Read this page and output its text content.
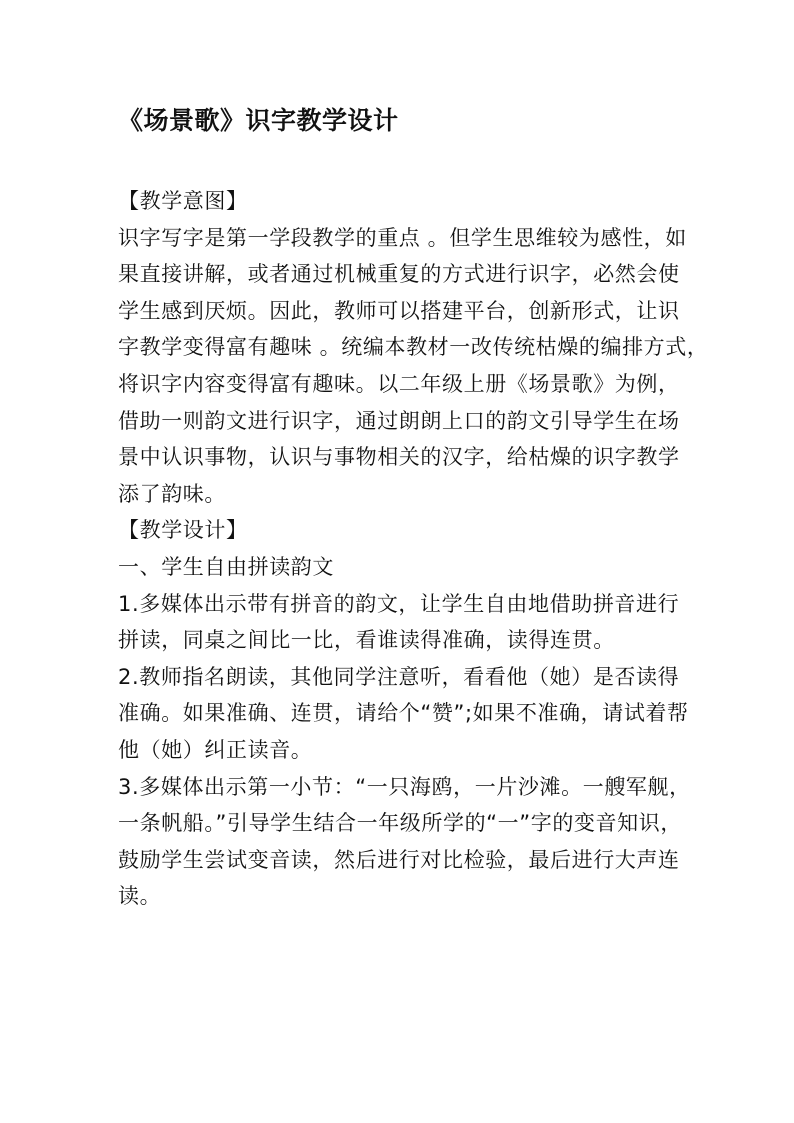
《场景歌》识字教学设计
【教学意图】
识字写字是第一学段教学的重点 。但学生思维较为感性，如
果直接讲解，或者通过机械重复的方式进行识字，必然会使
学生感到厌烦。因此，教师可以搭建平台，创新形式，让识
字教学变得富有趣味 。统编本教材一改传统枯燥的编排方式，
将识字内容变得富有趣味。以二年级上册《场景歌》为例，
借助一则韵文进行识字，通过朗朗上口的韵文引导学生在场
景中认识事物，认识与事物相关的汉字，给枯燥的识字教学
添了韵味。
【教学设计】
一、学生自由拼读韵文
1.多媒体出示带有拼音的韵文，让学生自由地借助拼音进行
拼读，同桌之间比一比，看谁读得准确，读得连贯。
2.教师指名朗读，其他同学注意听，看看他（她）是否读得
准确。如果准确、连贯，请给个“赞”;如果不准确，请试着帮
他（她）纠正读音。
3.多媒体出示第一小节：“一只海鸥，一片沙滩。一艘军舰，
一条帆船。”引导学生结合一年级所学的“一”字的变音知识，
鼓励学生尝试变音读，然后进行对比检验，最后进行大声连
读。
